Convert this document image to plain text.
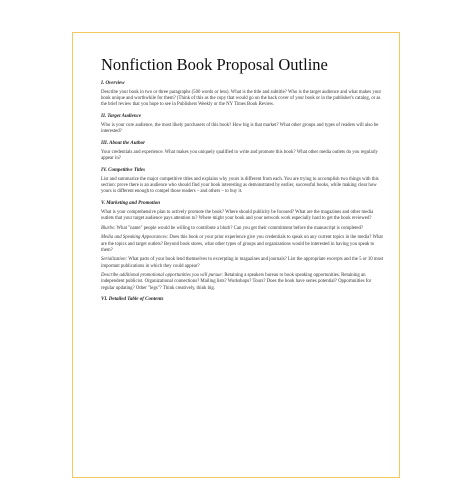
Nonfiction Book Proposal Outline

I. Overview

Describe your book in two or three paragraphs (500 words or less). What is the title and subtitle? Who is the target audience and what makes your book unique and worthwhile for them? (Think of this as the copy that would go on the back cover of your book or in the publisher's catalog, or as the brief review that you hope to see in Publishers Weekly or the NY Times Book Review.

II. Target Audience

Who is your core audience, the most likely purchasers of this book? How big is that market? What other groups and types of readers will also be interested?

III. About the Author

Your credentials and experience. What makes you uniquely qualified to write and promote this book? What other media outlets do you regularly appear in?

IV. Competitive Titles

List and summarize the major competitive titles and explains why yours is different from each. You are trying to accomplish two things with this section: prove there is an audience who should find your book interesting as demonstrated by earlier, successful books, while making clear how yours is different enough to compel those readers – and others – to buy it.

V. Marketing and Promotion

What is your comprehensive plan to actively promote the book? Where should publicity be focused? What are the magazines and other media outlets that your target audience pays attention to? Where might your book and your network work especially hard to get the book reviewed?

Blurbs: What "name" people would be willing to contribute a blurb? Can you get their commitment before the manuscript is completed?

Media and Speaking Appearances: Does this book or your prior experience give you credentials to speak on any current topics in the media? What are the topics and target outlets? Beyond book stores, what other types of groups and organizations would be interested in having you speak to them?

Serialization: What parts of your book lend themselves to excerpting in magazines and journals? List the appropriate excerpts and the 5 or 10 most important publications in which they could appear?

Describe additional promotional opportunities you will pursue: Retaining a speakers bureau to book speaking opportunities. Retaining an independent publicist. Organizational connections? Mailing lists? Workshops? Tours? Does the book have series potential? Opportunities for regular updating? Other "legs"? Think creatively, think big.

VI. Detailed Table of Contents
